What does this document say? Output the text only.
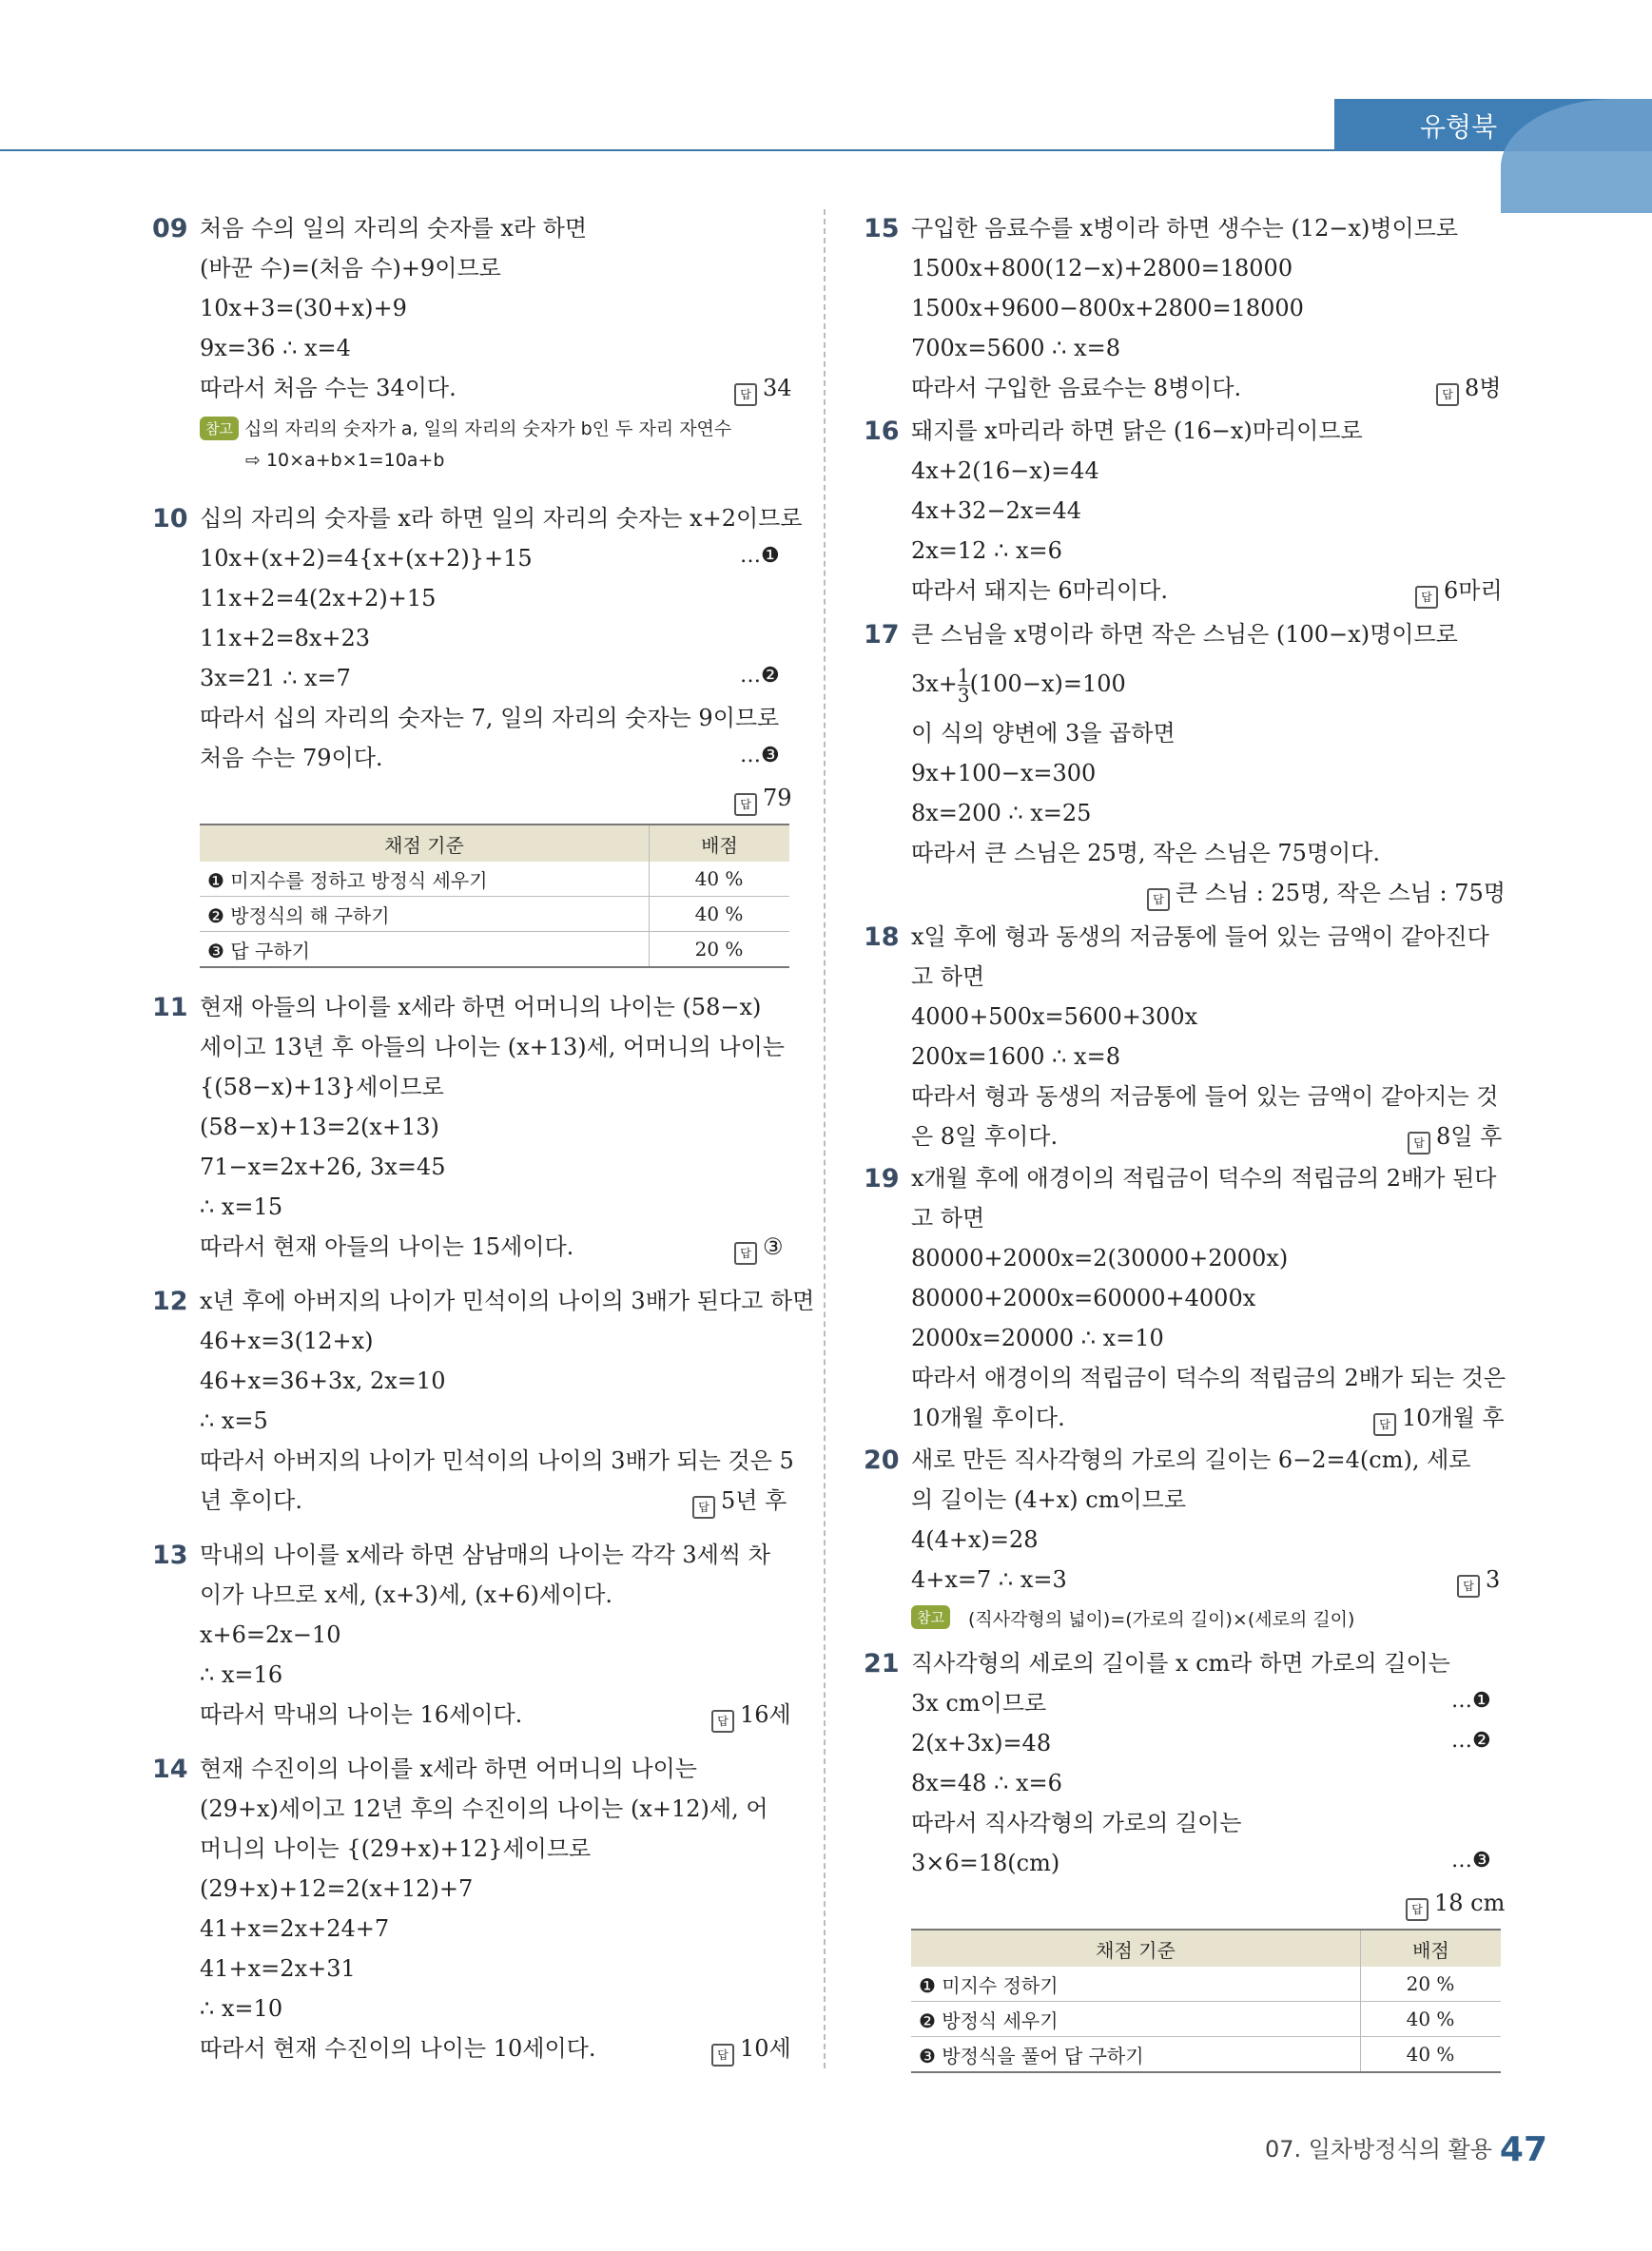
유형북
09 처음 수의 일의 자리의 숫자를 x라 하면
(바꾼 수)=(처음 수)+9이므로
10x+3=(30+x)+9
9x=36 ∴ x=4
따라서 처음 수는 34이다.	답 34
참고 십의 자리의 숫자가 a, 일의 자리의 숫자가 b인 두 자리 자연수
⇨ 10×a+b×1=10a+b
10 십의 자리의 숫자를 x라 하면 일의 자리의 숫자는 x+2이므로
10x+(x+2)=4{x+(x+2)}+15	…❶
11x+2=4(2x+2)+15
11x+2=8x+23
3x=21 ∴ x=7	…❷
따라서 십의 자리의 숫자는 7, 일의 자리의 숫자는 9이므로
처음 수는 79이다.	…❸
답 79
채점 기준	배점
❶ 미지수를 정하고 방정식 세우기	40 %
❷ 방정식의 해 구하기	40 %
❸ 답 구하기	20 %
11 현재 아들의 나이를 x세라 하면 어머니의 나이는 (58−x)
세이고 13년 후 아들의 나이는 (x+13)세, 어머니의 나이는
{(58−x)+13}세이므로
(58−x)+13=2(x+13)
71−x=2x+26, 3x=45
∴ x=15
따라서 현재 아들의 나이는 15세이다.	답 ③
12 x년 후에 아버지의 나이가 민석이의 나이의 3배가 된다고 하면
46+x=3(12+x)
46+x=36+3x, 2x=10
∴ x=5
따라서 아버지의 나이가 민석이의 나이의 3배가 되는 것은 5
년 후이다.	답 5년 후
13 막내의 나이를 x세라 하면 삼남매의 나이는 각각 3세씩 차
이가 나므로 x세, (x+3)세, (x+6)세이다.
x+6=2x−10
∴ x=16
따라서 막내의 나이는 16세이다.	답 16세
14 현재 수진이의 나이를 x세라 하면 어머니의 나이는
(29+x)세이고 12년 후의 수진이의 나이는 (x+12)세, 어
머니의 나이는 {(29+x)+12}세이므로
(29+x)+12=2(x+12)+7
41+x=2x+24+7
41+x=2x+31
∴ x=10
따라서 현재 수진이의 나이는 10세이다.	답 10세
15 구입한 음료수를 x병이라 하면 생수는 (12−x)병이므로
1500x+800(12−x)+2800=18000
1500x+9600−800x+2800=18000
700x=5600 ∴ x=8
따라서 구입한 음료수는 8병이다.	답 8병
16 돼지를 x마리라 하면 닭은 (16−x)마리이므로
4x+2(16−x)=44
4x+32−2x=44
2x=12 ∴ x=6
따라서 돼지는 6마리이다.	답 6마리
17 큰 스님을 x명이라 하면 작은 스님은 (100−x)명이므로
$3x+ \frac{1}{3} (100-x)=100$
이 식의 양변에 3을 곱하면
9x+100−x=300
8x=200 ∴ x=25
따라서 큰 스님은 25명, 작은 스님은 75명이다.
답 큰 스님 : 25명, 작은 스님 : 75명
18 x일 후에 형과 동생의 저금통에 들어 있는 금액이 같아진다
고 하면
4000+500x=5600+300x
200x=1600 ∴ x=8
따라서 형과 동생의 저금통에 들어 있는 금액이 같아지는 것
은 8일 후이다.	답 8일 후
19 x개월 후에 애경이의 적립금이 덕수의 적립금의 2배가 된다
고 하면
80000+2000x=2(30000+2000x)
80000+2000x=60000+4000x
2000x=20000 ∴ x=10
따라서 애경이의 적립금이 덕수의 적립금의 2배가 되는 것은
10개월 후이다.	답 10개월 후
20 새로 만든 직사각형의 가로의 길이는 6−2=4(cm), 세로
의 길이는 (4+x) cm이므로
4(4+x)=28
4+x=7 ∴ x=3	답 3
참고	(직사각형의 넓이)=(가로의 길이)×(세로의 길이)
21 직사각형의 세로의 길이를 x cm라 하면 가로의 길이는
3x cm이므로	…❶
2(x+3x)=48	…❷
8x=48 ∴ x=6
따라서 직사각형의 가로의 길이는
3×6=18(cm)	…❸
답 18 cm
채점 기준	배점
❶ 미지수 정하기	20 %
❷ 방정식 세우기	40 %
❸ 방정식을 풀어 답 구하기	40 %
07. 일차방정식의 활용 47
